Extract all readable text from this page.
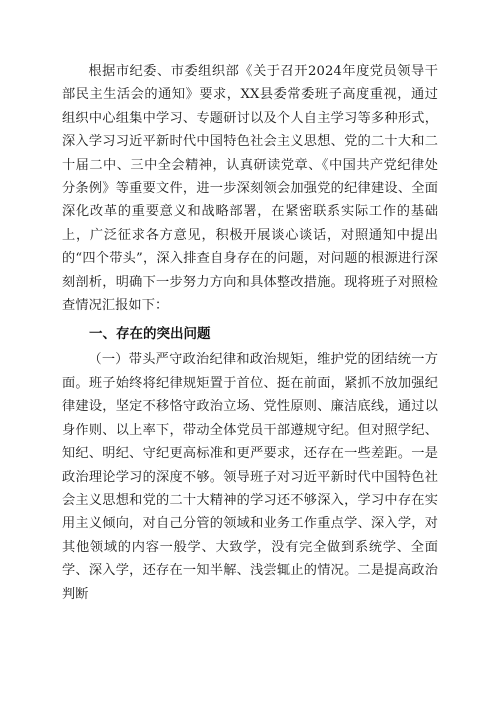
根据市纪委、市委组织部《关于召开2024年度党员领导干部民主生活会的通知》要求，XX县委常委班子高度重视，通过组织中心组集中学习、专题研讨以及个人自主学习等多种形式，深入学习习近平新时代中国特色社会主义思想、党的二十大和二十届二中、三中全会精神，认真研读党章、《中国共产党纪律处分条例》等重要文件，进一步深刻领会加强党的纪律建设、全面深化改革的重要意义和战略部署，在紧密联系实际工作的基础上，广泛征求各方意见，积极开展谈心谈话，对照通知中提出的“四个带头”，深入排查自身存在的问题，对问题的根源进行深刻剖析，明确下一步努力方向和具体整改措施。现将班子对照检查情况汇报如下：

一、存在的突出问题

（一）带头严守政治纪律和政治规矩，维护党的团结统一方面。班子始终将纪律规矩置于首位、挺在前面，紧抓不放加强纪律建设，坚定不移恪守政治立场、党性原则、廉洁底线，通过以身作则、以上率下，带动全体党员干部遵规守纪。但对照学纪、知纪、明纪、守纪更高标准和更严要求，还存在一些差距。一是政治理论学习的深度不够。领导班子对习近平新时代中国特色社会主义思想和党的二十大精神的学习还不够深入，学习中存在实用主义倾向，对自己分管的领域和业务工作重点学、深入学，对其他领域的内容一般学、大致学，没有完全做到系统学、全面学、深入学，还存在一知半解、浅尝辄止的情况。二是提高政治判断
